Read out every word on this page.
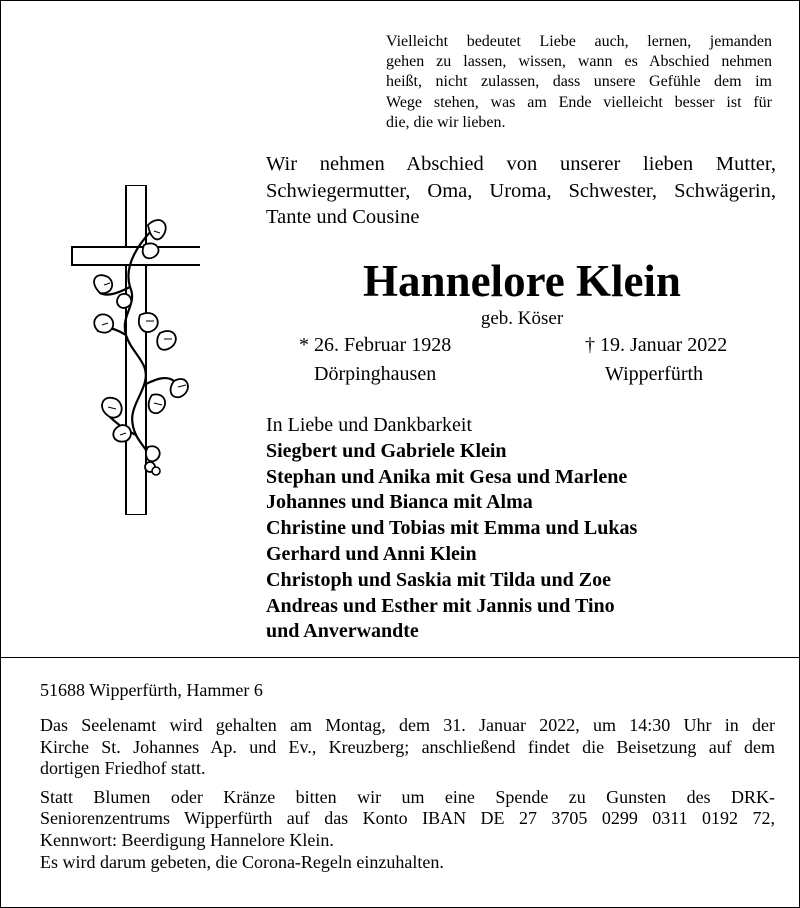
Vielleicht bedeutet Liebe auch, lernen, jemanden
gehen zu lassen, wissen, wann es Abschied nehmen
heißt, nicht zulassen, dass unsere Gefühle dem im
Wege stehen, was am Ende vielleicht besser ist für
die, die wir lieben.
Wir nehmen Abschied von unserer lieben Mutter,
Schwiegermutter, Oma, Uroma, Schwester, Schwägerin,
Tante und Cousine
Hannelore Klein
geb. Köser
* 26. Februar 1928	† 19. Januar 2022
Dörpinghausen	Wipperfürth
In Liebe und Dankbarkeit
Siegbert und Gabriele Klein
Stephan und Anika mit Gesa und Marlene
Johannes und Bianca mit Alma
Christine und Tobias mit Emma und Lukas
Gerhard und Anni Klein
Christoph und Saskia mit Tilda und Zoe
Andreas und Esther mit Jannis und Tino
und Anverwandte
51688 Wipperfürth, Hammer 6
Das Seelenamt wird gehalten am Montag, dem 31. Januar 2022, um 14:30 Uhr in der
Kirche St. Johannes Ap. und Ev., Kreuzberg; anschließend findet die Beisetzung auf dem
dortigen Friedhof statt.
Statt Blumen oder Kränze bitten wir um eine Spende zu Gunsten des DRK-
Seniorenzentrums Wipperfürth auf das Konto IBAN DE 27 3705 0299 0311 0192 72,
Kennwort: Beerdigung Hannelore Klein.
Es wird darum gebeten, die Corona-Regeln einzuhalten.
